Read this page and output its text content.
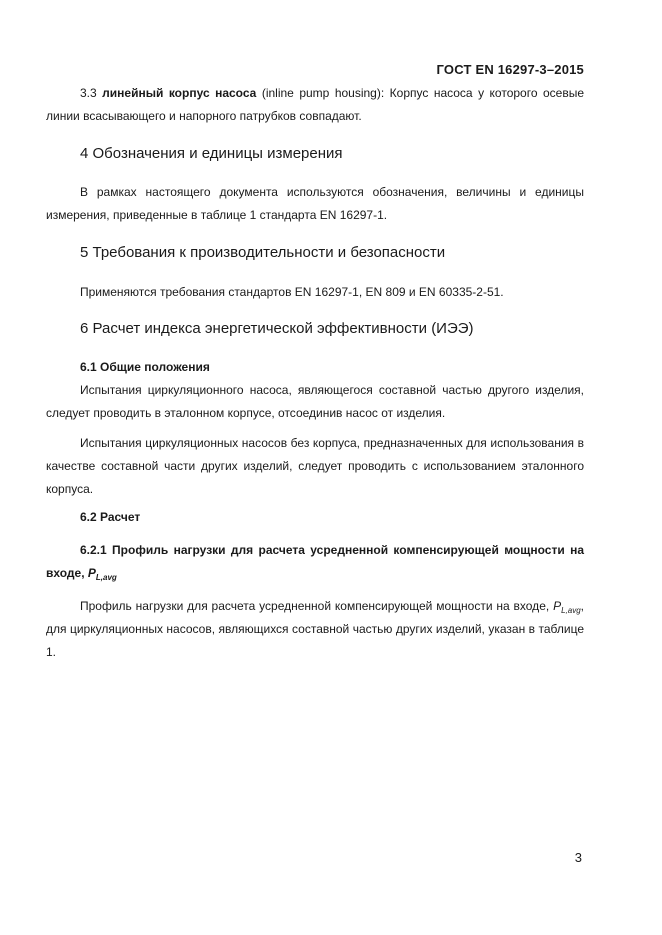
ГОСТ EN 16297-3–2015
3.3 линейный корпус насоса (inline pump housing): Корпус насоса у которого осевые линии всасывающего и напорного патрубков совпадают.
4 Обозначения и единицы измерения
В рамках настоящего документа используются обозначения, величины и единицы измерения, приведенные в таблице 1 стандарта EN 16297-1.
5 Требования к производительности и безопасности
Применяются требования стандартов EN 16297-1, EN 809 и EN 60335-2-51.
6 Расчет индекса энергетической эффективности (ИЭЭ)
6.1 Общие положения
Испытания циркуляционного насоса, являющегося составной частью другого изделия, следует проводить в эталонном корпусе, отсоединив насос от изделия.
Испытания циркуляционных насосов без корпуса, предназначенных для использования в качестве составной части других изделий, следует проводить с использованием эталонного корпуса.
6.2 Расчет
6.2.1 Профиль нагрузки для расчета усредненной компенсирующей мощности на входе, $P_{L,avg}$
Профиль нагрузки для расчета усредненной компенсирующей мощности на входе, $P_{L,avg}$, для циркуляционных насосов, являющихся составной частью других изделий, указан в таблице 1.
3
